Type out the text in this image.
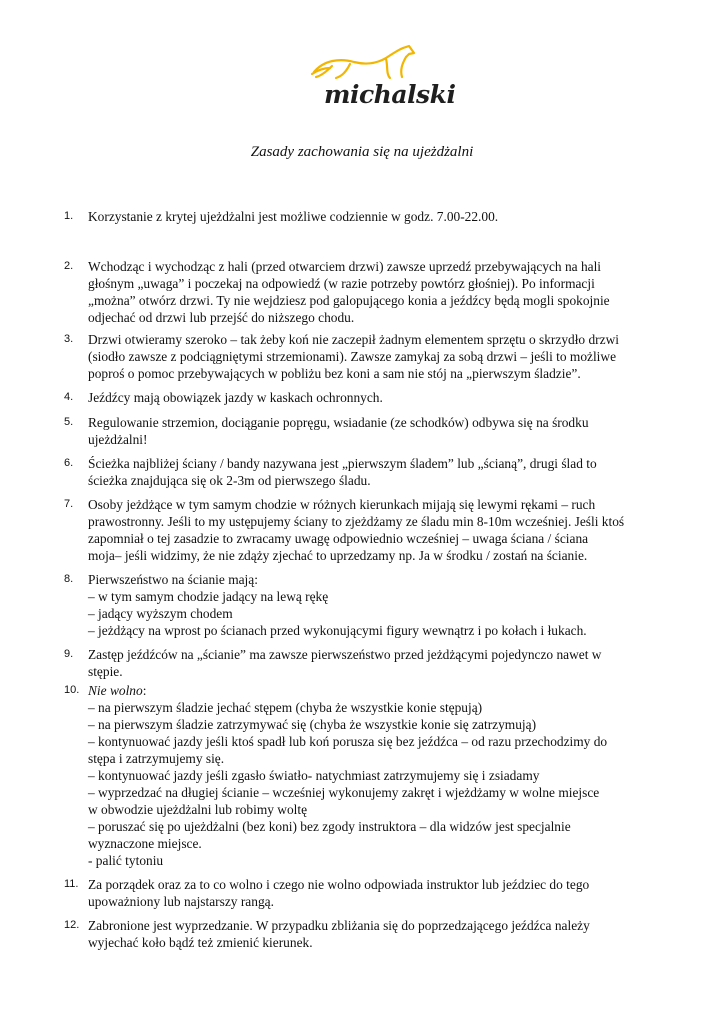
michalski
Zasady zachowania się na ujeżdżalni
1. Korzystanie z krytej ujeżdżalni jest możliwe codziennie w godz. 7.00-22.00.
2. Wchodząc i wychodząc z hali (przed otwarciem drzwi) zawsze uprzedź przebywających na hali
głośnym „uwaga” i poczekaj na odpowiedź (w razie potrzeby powtórz głośniej). Po informacji
„można” otwórz drzwi. Ty nie wejdziesz pod galopującego konia a jeźdźcy będą mogli spokojnie
odjechać od drzwi lub przejść do niższego chodu.
3. Drzwi otwieramy szeroko – tak żeby koń nie zaczepił żadnym elementem sprzętu o skrzydło drzwi
(siodło zawsze z podciągniętymi strzemionami). Zawsze zamykaj za sobą drzwi – jeśli to możliwe
poproś o pomoc przebywających w pobliżu bez koni a sam nie stój na „pierwszym śladzie”.
4. Jeźdźcy mają obowiązek jazdy w kaskach ochronnych.
5. Regulowanie strzemion, dociąganie popręgu, wsiadanie (ze schodków) odbywa się na środku
ujeżdżalni!
6. Ścieżka najbliżej ściany / bandy nazywana jest „pierwszym śladem” lub „ścianą”, drugi ślad to
ścieżka znajdująca się ok 2-3m od pierwszego śladu.
7. Osoby jeżdżące w tym samym chodzie w różnych kierunkach mijają się lewymi rękami – ruch
prawostronny. Jeśli to my ustępujemy ściany to zjeżdżamy ze śladu min 8-10m wcześniej. Jeśli ktoś
zapomniał o tej zasadzie to zwracamy uwagę odpowiednio wcześniej – uwaga ściana / ściana
moja– jeśli widzimy, że nie zdąży zjechać to uprzedzamy np. Ja w środku / zostań na ścianie.
8. Pierwszeństwo na ścianie mają:
– w tym samym chodzie jadący na lewą rękę
– jadący wyższym chodem
– jeżdżący na wprost po ścianach przed wykonującymi figury wewnątrz i po kołach i łukach.
9. Zastęp jeźdźców na „ścianie” ma zawsze pierwszeństwo przed jeżdżącymi pojedynczo nawet w
stępie.
10. Nie wolno:
– na pierwszym śladzie jechać stępem (chyba że wszystkie konie stępują)
– na pierwszym śladzie zatrzymywać się (chyba że wszystkie konie się zatrzymują)
– kontynuować jazdy jeśli ktoś spadł lub koń porusza się bez jeźdźca – od razu przechodzimy do
stępa i zatrzymujemy się.
– kontynuować jazdy jeśli zgasło światło- natychmiast zatrzymujemy się i zsiadamy
– wyprzedzać na długiej ścianie – wcześniej wykonujemy zakręt i wjeżdżamy w wolne miejsce
w obwodzie ujeżdżalni lub robimy woltę
– poruszać się po ujeżdżalni (bez koni) bez zgody instruktora – dla widzów jest specjalnie
wyznaczone miejsce.
- palić tytoniu
11. Za porządek oraz za to co wolno i czego nie wolno odpowiada instruktor lub jeździec do tego
upoważniony lub najstarszy rangą.
12. Zabronione jest wyprzedzanie. W przypadku zbliżania się do poprzedzającego jeźdźca należy
wyjechać koło bądź też zmienić kierunek.
